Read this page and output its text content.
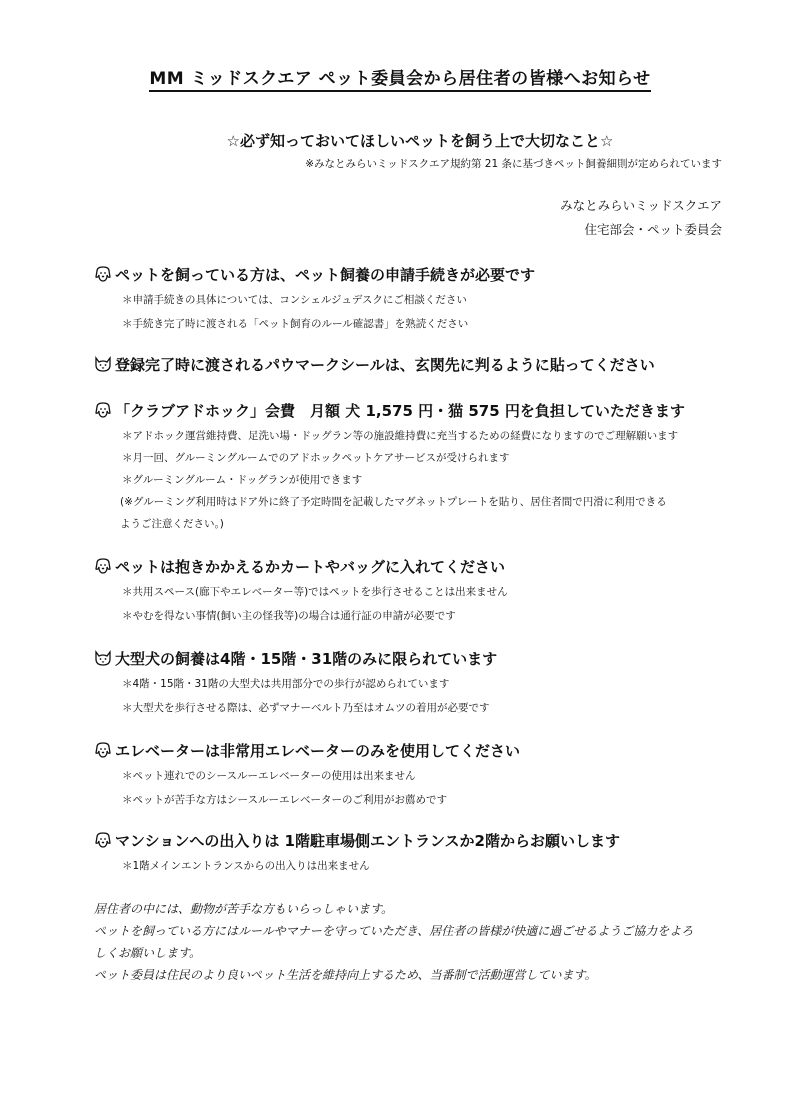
MM ミッドスクエア ペット委員会から居住者の皆様へお知らせ
☆必ず知っておいてほしいペットを飼う上で大切なこと☆
※みなとみらいミッドスクエア規約第 21 条に基づきペット飼養細則が定められています
みなとみらいミッドスクエア
住宅部会・ペット委員会
ペットを飼っている方は、ペット飼養の申請手続きが必要です
＊申請手続きの具体については、コンシェルジュデスクにご相談ください
＊手続き完了時に渡される「ペット飼育のルール確認書」を熟読ください
登録完了時に渡されるパウマークシールは、玄関先に判るように貼ってください
「クラブアドホック」会費　月額 犬 1,575 円・猫 575 円を負担していただきます
＊アドホック運営維持費、足洗い場・ドッグラン等の施設維持費に充当するための経費になりますのでご理解願います
＊月一回、グルーミングルームでのアドホックペットケアサービスが受けられます
＊グルーミングルーム・ドッグランが使用できます
(※グルーミング利用時はドア外に終了予定時間を記載したマグネットプレートを貼り、居住者間で円滑に利用できる
ようご注意ください。)
ペットは抱きかかえるかカートやバッグに入れてください
＊共用スペース(廊下やエレベーター等)ではペットを歩行させることは出来ません
＊やむを得ない事情(飼い主の怪我等)の場合は通行証の申請が必要です
大型犬の飼養は4階・15階・31階のみに限られています
＊4階・15階・31階の大型犬は共用部分での歩行が認められています
＊大型犬を歩行させる際は、必ずマナーベルト乃至はオムツの着用が必要です
エレベーターは非常用エレベーターのみを使用してください
＊ペット連れでのシースルーエレベーターの使用は出来ません
＊ペットが苦手な方はシースルーエレベーターのご利用がお薦めです
マンションへの出入りは 1階駐車場側エントランスか2階からお願いします
＊1階メインエントランスからの出入りは出来ません
居住者の中には、動物が苦手な方もいらっしゃいます。
ペットを飼っている方にはルールやマナーを守っていただき、居住者の皆様が快適に過ごせるようご協力をよろ
しくお願いします。
ペット委員は住民のより良いペット生活を維持向上するため、当番制で活動運営しています。
